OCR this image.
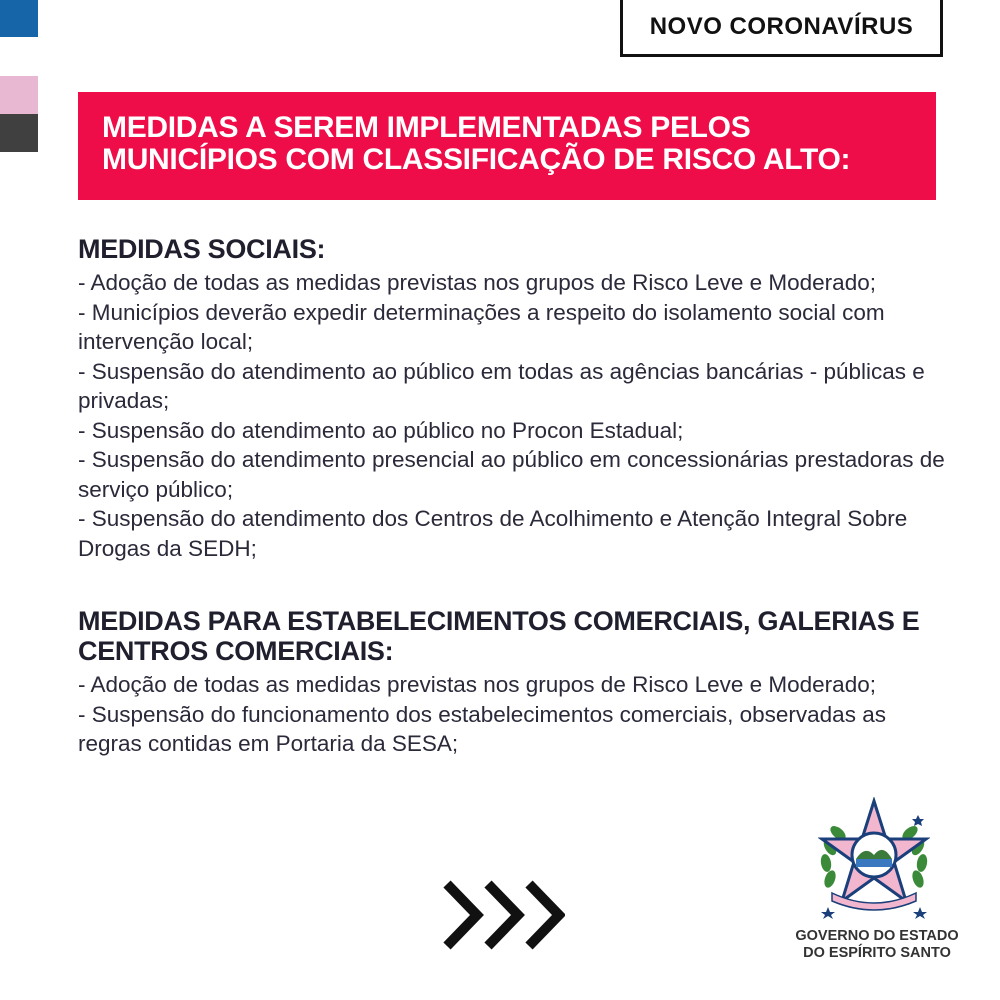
NOVO CORONAVÍRUS
MEDIDAS A SEREM IMPLEMENTADAS PELOS
MUNICÍPIOS COM CLASSIFICAÇÃO DE RISCO ALTO:
MEDIDAS SOCIAIS:

- Adoção de todas as medidas previstas nos grupos de Risco Leve e Moderado;

- Municípios deverão expedir determinações a respeito do isolamento social com intervenção local;

- Suspensão do atendimento ao público em todas as agências bancárias - públicas e privadas;

- Suspensão do atendimento ao público no Procon Estadual;

- Suspensão do atendimento presencial ao público em concessionárias prestadoras de serviço público;

- Suspensão do atendimento dos Centros de Acolhimento e Atenção Integral Sobre Drogas da SEDH;

MEDIDAS PARA ESTABELECIMENTOS COMERCIAIS, GALERIAS E
CENTROS COMERCIAIS:

- Adoção de todas as medidas previstas nos grupos de Risco Leve e Moderado;

- Suspensão do funcionamento dos estabelecimentos comerciais, observadas as regras contidas em Portaria da SESA;

GOVERNO DO ESTADO
DO ESPÍRITO SANTO
